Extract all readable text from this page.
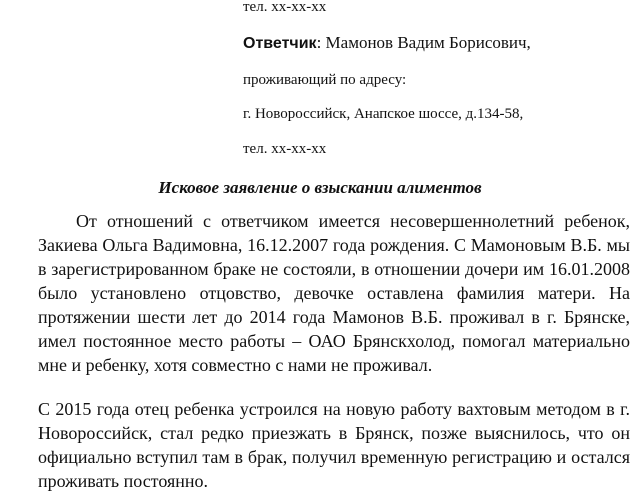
тел. хх-хх-хх
Ответчик: Мамонов Вадим Борисович,
проживающий по адресу:
г. Новороссийск, Анапское шоссе, д.134-58,
тел. хх-хх-хх
Исковое заявление о взыскании алиментов
От отношений с ответчиком имеется несовершеннолетний ребенок,
Закиева Ольга Вадимовна, 16.12.2007 года рождения. С Мамоновым В.Б. мы
в зарегистрированном браке не состояли, в отношении дочери им 16.01.2008
было установлено отцовство, девочке оставлена фамилия матери. На
протяжении шести лет до 2014 года Мамонов В.Б. проживал в г. Брянске,
имел постоянное место работы – ОАО Брянскхолод, помогал материально
мне и ребенку, хотя совместно с нами не проживал.
С 2015 года отец ребенка устроился на новую работу вахтовым методом в г.
Новороссийск, стал редко приезжать в Брянск, позже выяснилось, что он
официально вступил там в брак, получил временную регистрацию и остался
проживать постоянно.
